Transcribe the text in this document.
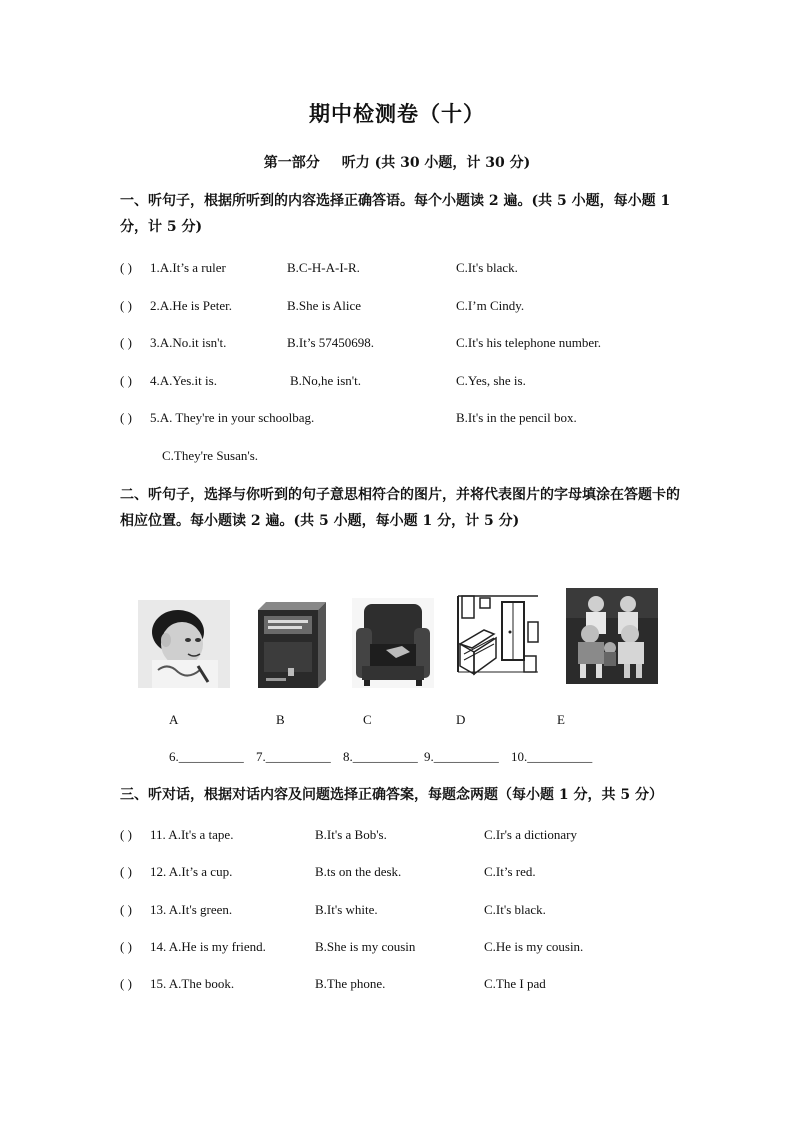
期中检测卷（十）
第一部分 听力 (共 30 小题，计 30 分)
一、听句子，根据所听到的内容选择正确答语。每个小题读 2 遍。(共 5 小题，每小题 1 分，计 5 分)
( ) 1.A.It’s a ruler	B.C-H-A-I-R.	C.It's black.
( ) 2.A.He is Peter.	B.She is Alice	C.I’m Cindy.
( ) 3.A.No.it isn't.	B.It’s 57450698.	C.It's his telephone number.
( ) 4.A.Yes.it is.	B.No,he isn't.	C.Yes, she is.
( ) 5.A. They're in your schoolbag.	B.It's in the pencil box.
C.They're Susan's.
二、听句子，选择与你听到的句子意思相符合的图片，并将代表图片的字母填涂在答题卡的相应位置。每小题读 2 遍。(共 5 小题，每小题 1 分，计 5 分)
A	B	C	D	E
6.__________ 7.__________ 8.__________ 9.__________ 10.__________
三、听对话，根据对话内容及问题选择正确答案，每题念两题（每小题 1 分，共 5 分）
( ) 11. A.It's a tape.	B.It's a Bob's.	C.Ir's a dictionary
( ) 12. A.It’s a cup.	B.ts on the desk.	C.It’s red.
( ) 13. A.It's green.	B.It's white.	C.It's black.
( ) 14. A.He is my friend.	B.She is my cousin	C.He is my cousin.
( ) 15. A.The book.	B.The phone.	C.The I pad
